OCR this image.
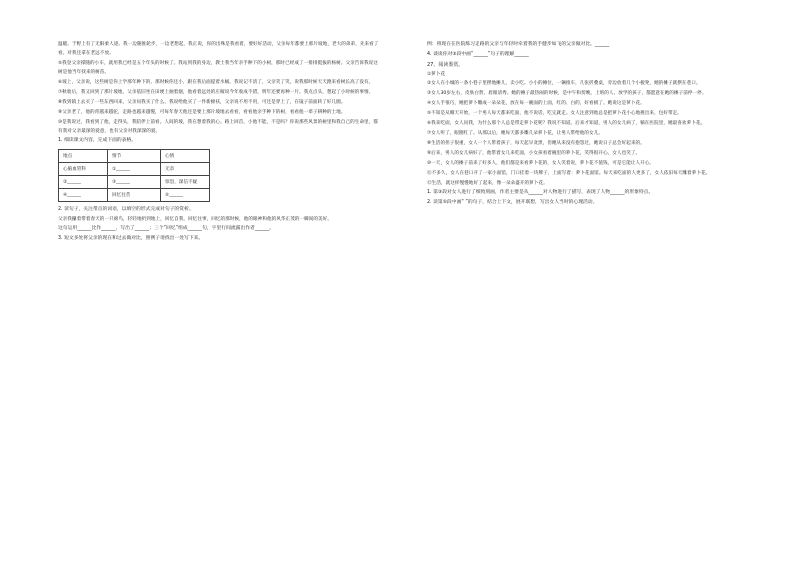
温暖。于野上有了无限柔人迹。我一边随推轮步，一边老想起，我正说，你的出殊是我看着，要好好活动，父亲每年都要上那片坡地，老大的弟弟，先来看了看。对我还拿在老远不放。

⑤我登父亲撑随的小车，就用我已经是五个年头的时候了。我站到我的身边，教士我当年亲手种下的小树，那时已经成了一排排挺拔的杨树。父亲告诉我说这树是他当年找来的树苗。

⑥坡上，父亲说，这些树是你上学那年种下的，那时候你还小，跟在我后面提着水桶。我说记不清了，父亲笑了笑，说我那时候天天跑来看树长高了没有。

⑦秋收后，我又回到了那片坡地，父亲依旧坐在田埂上抽着烟，他看着远处的庄稼说今年收成不错，明年还要再种一片。我点点头，想起了小时候的事情。

⑧我到镇上去买了一些东西回来，父亲问我买了什么，我说给他买了一件新棉袄，父亲说不用不用，可还是穿上了，在镜子前面转了好几圈。

⑨父亲老了，他的背越来越驼，走路也越来越慢，可每年春天他还是要上那片坡地去看看，看看他亲手种下的树，看看他一辈子耕种的土地。

⑩是我说过，我看到了他，走得头，我陪伴上前看。人间的坡，我在想着我的心。路上回首，小他不能，不是吗？你说那些风景的树里和我自己的生命里，都有我对父亲最深的爱意，也有父亲对我深深的爱。

1. 细读课文内容，完成下面的表格。

地点	情节	心情
心脑血管科	①______	无奈
②______	③______	惊恐，深信不疑
④______	回忆往昔	⑤______

2. 读句子，关注带点的词语，以填空的形式完成对句子的赏析。

父亲我攥着带着春天的一只绵鸟，轻轻地扔到地上，回忆自我，回忆往事，回忆的那时候，他的眼神和他的风华正茂的一瞬间的美好。

这句运用______比作______，写出了______；三个“回忆”组成______句，字里行间流露出作者______。

3. 短文多处将父亲的现在和过去做对比，照例子请找出一处写下来。

例：将现在在医院练习走路的父亲与年轻时牵着我的手健步如飞的父亲做对比。______

4. 谈谈你对③段中画“______”句子的理解______

27、阅读鉴赏。

①萝卜花

②女人在小城的一条小巷子里摆地摊儿，卖小吃。小小的摊位，一辆推车，几张折叠桌，旁边放着几个小板凳，她的摊子就摆在巷口。

③女人30岁左右，皮肤白皙，眉眼清秀。她的摊子最热闹的时候，是中午和傍晚，上班的人、放学的孩子，都愿意在她的摊子前停一停。

④女人手很巧，她把萝卜雕成一朵朵花，放在每一碗面的上面，红的、白的，好看极了。她说这是萝卜花。

⑤不知是从哪天开始，一个男人每天都来吃面，他不说话，吃完就走。女人注意到他总是把萝卜花小心地挑出来，包好带走。

⑥我来吃面，女人问我，为什么那个人总是带走萝卜花呢？我说不知道。后来才知道，男人的女儿病了，躺在医院里，她最喜欢萝卜花。

⑦女人听了，眼圈红了。从那以后，她每天都多雕几朵萝卜花，让男人带给他的女儿。

⑧生活的担子很重，女人一个人带着孩子，每天起早贪黑，但她从来没有抱怨过，她说日子总会好起来的。

⑨后来，男人的女儿病好了，他带着女儿来吃面，小女孩看着碗里的萝卜花，笑得很开心。女人也笑了。

⑩一天，女人的摊子前来了好多人，他们都是来看萝卜花的，女人笑着说，萝卜花不值钱，可是它能让人开心。

⑪不多久，女人在巷口开了一家小面馆，门口挂着一块牌子，上面写着：萝卜花面馆。每天来吃面的人更多了，女人依旧每天雕着萝卜花。

⑫生活，就这样慢慢地好了起来，像一朵朵盛开的萝卜花。

1. 第③段对女人进行了细致刻画，作者主要是从______对人物进行了描写，表现了人物______的形象特点。

2. 读第⑤段中画“ ”的句子，结合上下文，展开联想，写出女人当时的心理活动。
